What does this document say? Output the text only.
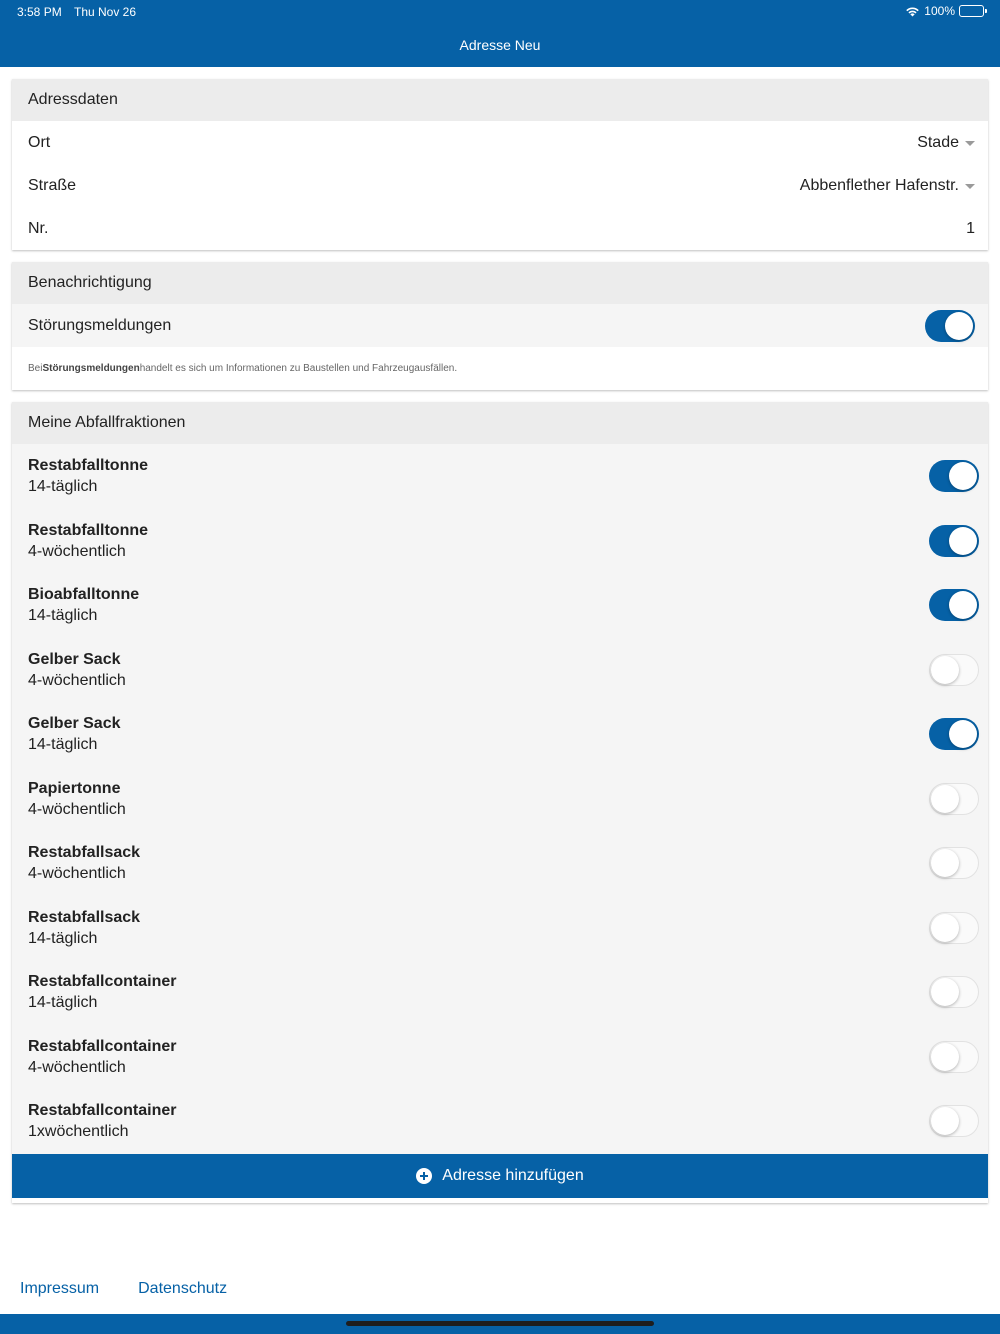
3:58 PM Thu Nov 26	100%
Adresse Neu
Adressdaten
Ort	Stade
Straße	Abbenflether Hafenstr.
Nr.	1
Benachrichtigung
Störungsmeldungen
Bei Störungsmeldungen handelt es sich um Informationen zu Baustellen und Fahrzeugausfällen.
Meine Abfallfraktionen
Restabfalltonne
14-täglich
Restabfalltonne
4-wöchentlich
Bioabfalltonne
14-täglich
Gelber Sack
4-wöchentlich
Gelber Sack
14-täglich
Papiertonne
4-wöchentlich
Restabfallsack
4-wöchentlich
Restabfallsack
14-täglich
Restabfallcontainer
14-täglich
Restabfallcontainer
4-wöchentlich
Restabfallcontainer
1xwöchentlich
Adresse hinzufügen
Impressum Datenschutz
